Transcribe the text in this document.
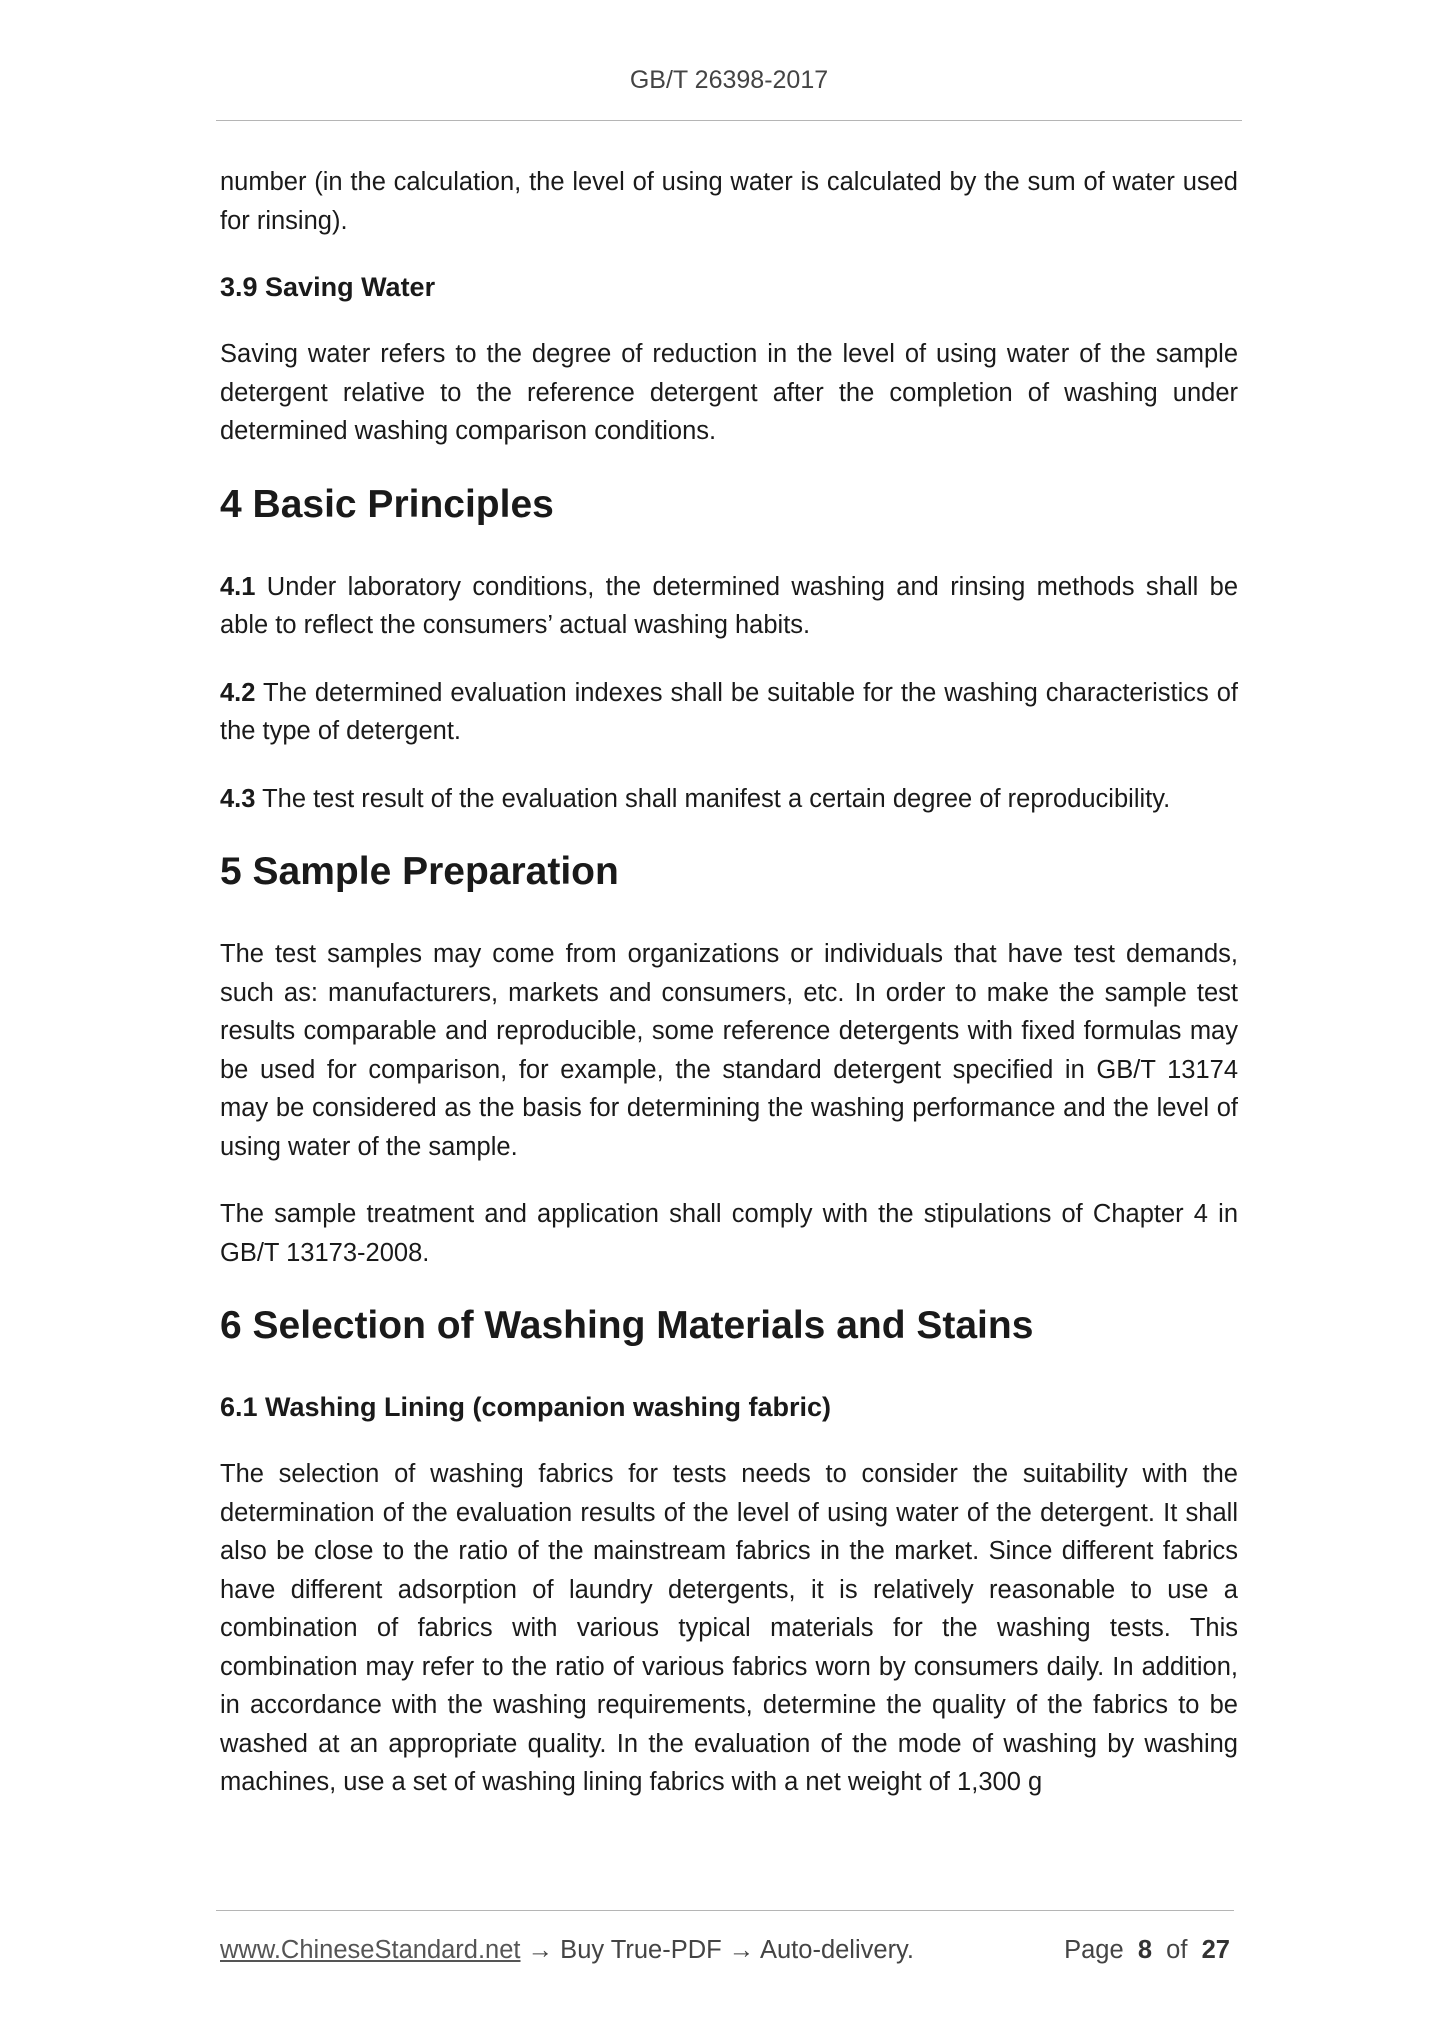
GB/T 26398-2017

number (in the calculation, the level of using water is calculated by the sum of water used for rinsing).

3.9 Saving Water

Saving water refers to the degree of reduction in the level of using water of the sample detergent relative to the reference detergent after the completion of washing under determined washing comparison conditions.

4 Basic Principles

4.1 Under laboratory conditions, the determined washing and rinsing methods shall be able to reflect the consumers’ actual washing habits.

4.2 The determined evaluation indexes shall be suitable for the washing characteristics of the type of detergent.

4.3 The test result of the evaluation shall manifest a certain degree of reproducibility.

5 Sample Preparation

The test samples may come from organizations or individuals that have test demands, such as: manufacturers, markets and consumers, etc. In order to make the sample test results comparable and reproducible, some reference detergents with fixed formulas may be used for comparison, for example, the standard detergent specified in GB/T 13174 may be considered as the basis for determining the washing performance and the level of using water of the sample.

The sample treatment and application shall comply with the stipulations of Chapter 4 in GB/T 13173-2008.

6 Selection of Washing Materials and Stains
6.1 Washing Lining (companion washing fabric)

The selection of washing fabrics for tests needs to consider the suitability with the determination of the evaluation results of the level of using water of the detergent. It shall also be close to the ratio of the mainstream fabrics in the market. Since different fabrics have different adsorption of laundry detergents, it is relatively reasonable to use a combination of fabrics with various typical materials for the washing tests. This combination may refer to the ratio of various fabrics worn by consumers daily. In addition, in accordance with the washing requirements, determine the quality of the fabrics to be washed at an appropriate quality. In the evaluation of the mode of washing by washing machines, use a set of washing lining fabrics with a net weight of 1,300 g

www.ChineseStandard.net → Buy True-PDF → Auto-delivery.	Page 8 of 27
